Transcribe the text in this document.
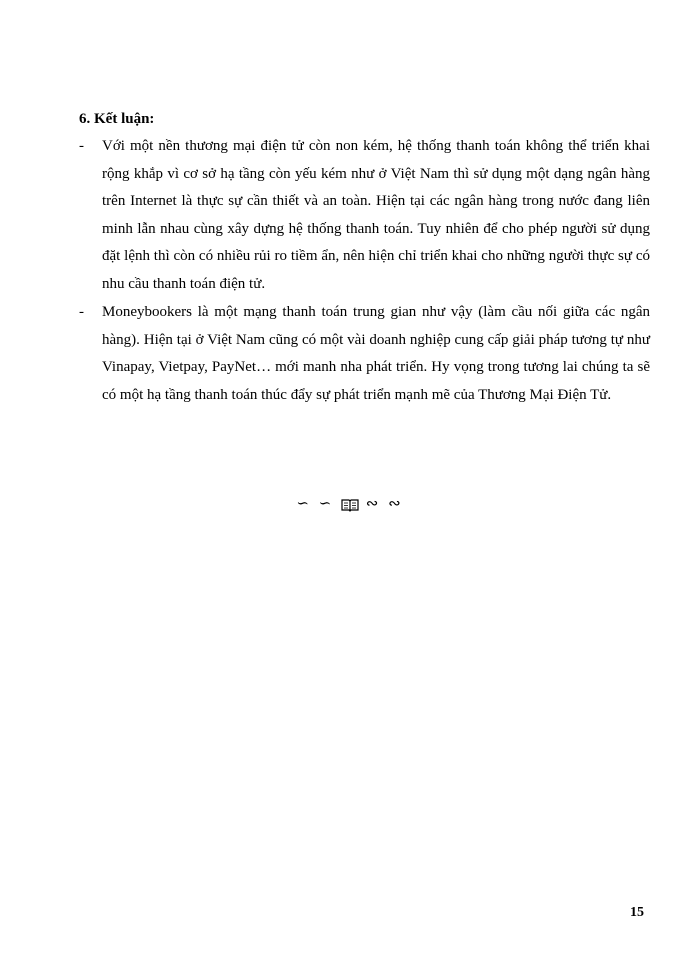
6. Kết luận:
-	Với một nền thương mại điện tử còn non kém, hệ thống thanh toán không thể triển khai rộng khắp vì cơ sở hạ tầng còn yếu kém như ở Việt Nam thì sử dụng một dạng ngân hàng trên Internet là thực sự cần thiết và an toàn. Hiện tại các ngân hàng trong nước đang liên minh lẫn nhau cùng xây dựng hệ thống thanh toán. Tuy nhiên để cho phép người sử dụng đặt lệnh thì còn có nhiều rủi ro tiềm ẩn, nên hiện chỉ triển khai cho những người thực sự có nhu cầu thanh toán điện tử.
-	Moneybookers là một mạng thanh toán trung gian như vậy (làm cầu nối giữa các ngân hàng). Hiện tại ở Việt Nam cũng có một vài doanh nghiệp cung cấp giải pháp tương tự như Vinapay, Vietpay, PayNet… mới manh nha phát triển. Hy vọng trong tương lai chúng ta sẽ có một hạ tầng thanh toán thúc đẩy sự phát triển mạnh mẽ của Thương Mại Điện Tử.
∽ ∽ ∾ ∾
15
